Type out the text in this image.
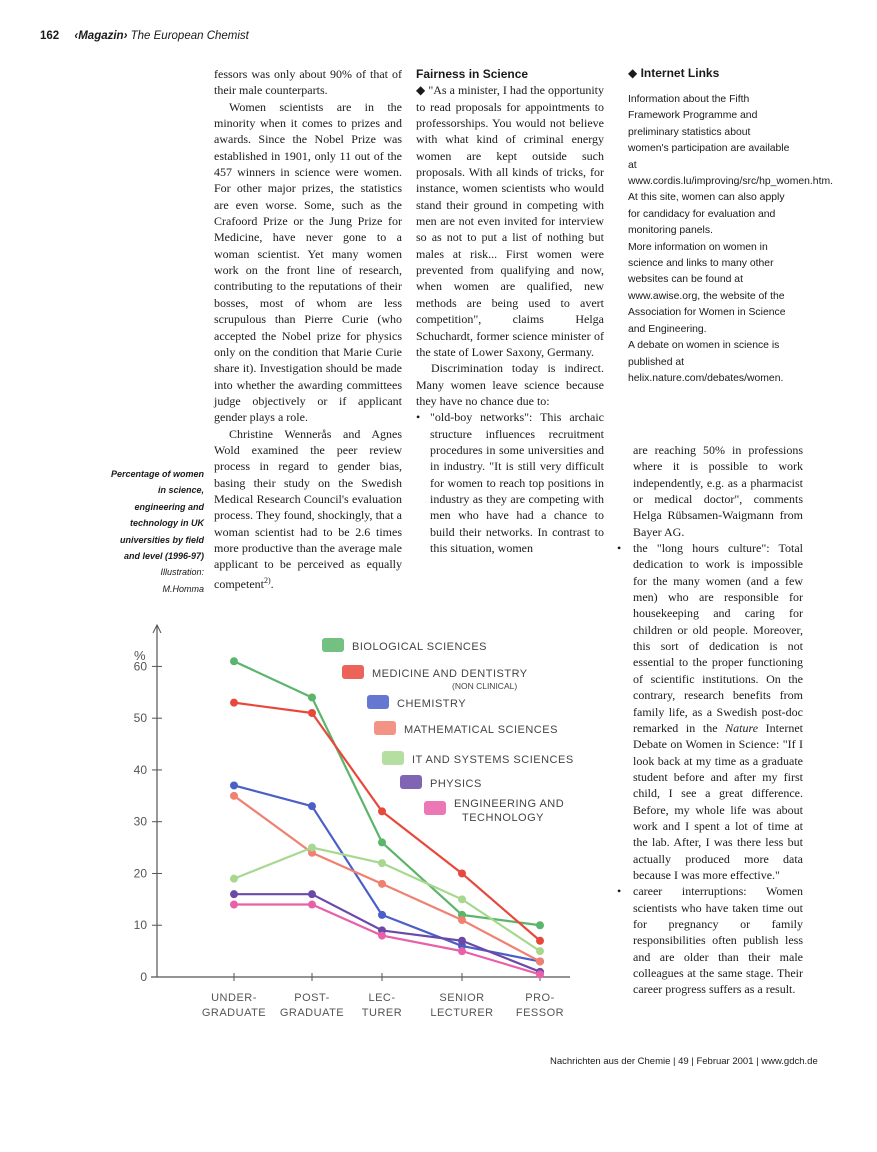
162 ‹Magazin› The European Chemist

fessors was only about 90% of that of their male counterparts.

Women scientists are in the minority when it comes to prizes and awards. Since the Nobel Prize was established in 1901, only 11 out of the 457 winners in science were women. For other major prizes, the statistics are even worse. Some, such as the Crafoord Prize or the Jung Prize for Medicine, have never gone to a woman scientist. Yet many women work on the front line of research, contributing to the reputations of their bosses, most of whom are less scrupulous than Pierre Curie (who accepted the Nobel prize for physics only on the condition that Marie Curie share it). Investigation should be made into whether the awarding committees judge objectively or if applicant gender plays a role.

Christine Wennerås and Agnes Wold examined the peer review process in regard to gender bias, basing their study on the Swedish Medical Research Council's evaluation process. They found, shockingly, that a woman scientist had to be 2.6 times more productive than the average male applicant to be perceived as equally competent$^{2)}$.

Percentage of women in science, engineering and technology in UK universities by field and level (1996-97)
Illustration:
M.Homma

Fairness in Science

◆ "As a minister, I had the opportunity to read proposals for appointments to professorships. You would not believe with what kind of criminal energy women are kept outside such proposals. With all kinds of tricks, for instance, women scientists who would stand their ground in competing with men are not even invited for interview so as not to put a list of nothing but males at risk... First women were prevented from qualifying and now, when women are qualified, new methods are being used to avert competition", claims Helga Schuchardt, former science minister of the state of Lower Saxony, Germany.

Discrimination today is indirect. Many women leave science because they have no chance due to:

• "old-boy networks": This archaic structure influences recruitment procedures in some universities and in industry. "It is still very difficult for women to reach top positions in industry as they are competing with men who have had a chance to build their networks. In contrast to this situation, women

◆ Internet Links

Information about the Fifth Framework Programme and preliminary statistics about women's participation are available at www.cordis.lu/improving/src/hp_women.htm. At this site, women can also apply for candidacy for evaluation and monitoring panels.

More information on women in science and links to many other websites can be found at www.awise.org, the website of the Association for Women in Science and Engineering.

A debate on women in science is published at helix.nature.com/debates/women.

are reaching 50% in professions where it is possible to work independently, e.g. as a pharmacist or medical doctor", comments Helga Rübsamen-Waigmann from Bayer AG.

• the "long hours culture": Total dedication to work is impossible for the many women (and a few men) who are responsible for housekeeping and caring for children or old people. Moreover, this sort of dedication is not essential to the proper functioning of scientific institutions. On the contrary, research benefits from family life, as a Swedish post-doc remarked in the Nature Internet Debate on Women in Science: "If I look back at my time as a graduate student before and after my first child, I see a great difference. Before, my whole life was about work and I spent a lot of time at the lab. After, I was there less but actually produced more data because I was more effective."

• career interruptions: Women scientists who have taken time out for pregnancy or family responsibilities often publish less and are older than their male colleagues at the same stage. Their career progress suffers as a result.

%
0
10
20
30
40
50
60
UNDER-
GRADUATE
POST-
GRADUATE
LEC-
TURER
SENIOR
LECTURER
PRO-
FESSOR
BIOLOGICAL SCIENCES
MEDICINE AND DENTISTRY
(NON CLINICAL)
CHEMISTRY
MATHEMATICAL SCIENCES
IT AND SYSTEMS SCIENCES
PHYSICS
ENGINEERING AND
TECHNOLOGY
Nachrichten aus der Chemie | 49 | Februar 2001 | www.gdch.de
